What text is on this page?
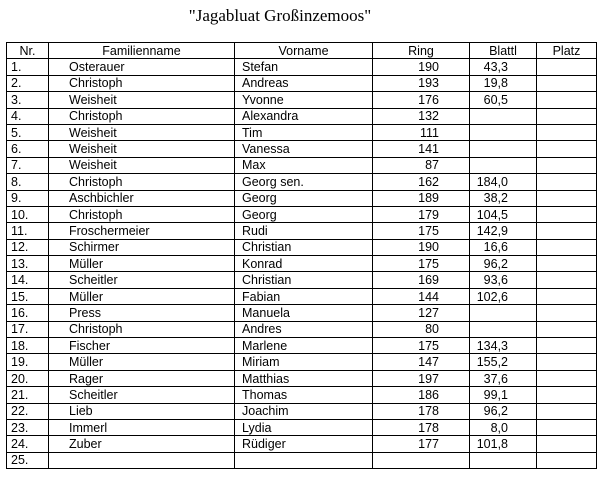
"Jagabluat Großinzemoos"
Nr.	Familienname	Vorname	Ring	Blattl	Platz
1.	Osterauer	Stefan	190	43,3	
2.	Christoph	Andreas	193	19,8	
3.	Weisheit	Yvonne	176	60,5	
4.	Christoph	Alexandra	132		
5.	Weisheit	Tim	111		
6.	Weisheit	Vanessa	141		
7.	Weisheit	Max	87		
8.	Christoph	Georg sen.	162	184,0	
9.	Aschbichler	Georg	189	38,2	
10.	Christoph	Georg	179	104,5	
11.	Froschermeier	Rudi	175	142,9	
12.	Schirmer	Christian	190	16,6	
13.	Müller	Konrad	175	96,2	
14.	Scheitler	Christian	169	93,6	
15.	Müller	Fabian	144	102,6	
16.	Press	Manuela	127		
17.	Christoph	Andres	80		
18.	Fischer	Marlene	175	134,3	
19.	Müller	Miriam	147	155,2	
20.	Rager	Matthias	197	37,6	
21.	Scheitler	Thomas	186	99,1	
22.	Lieb	Joachim	178	96,2	
23.	Immerl	Lydia	178	8,0	
24.	Zuber	Rüdiger	177	101,8	
25.					
